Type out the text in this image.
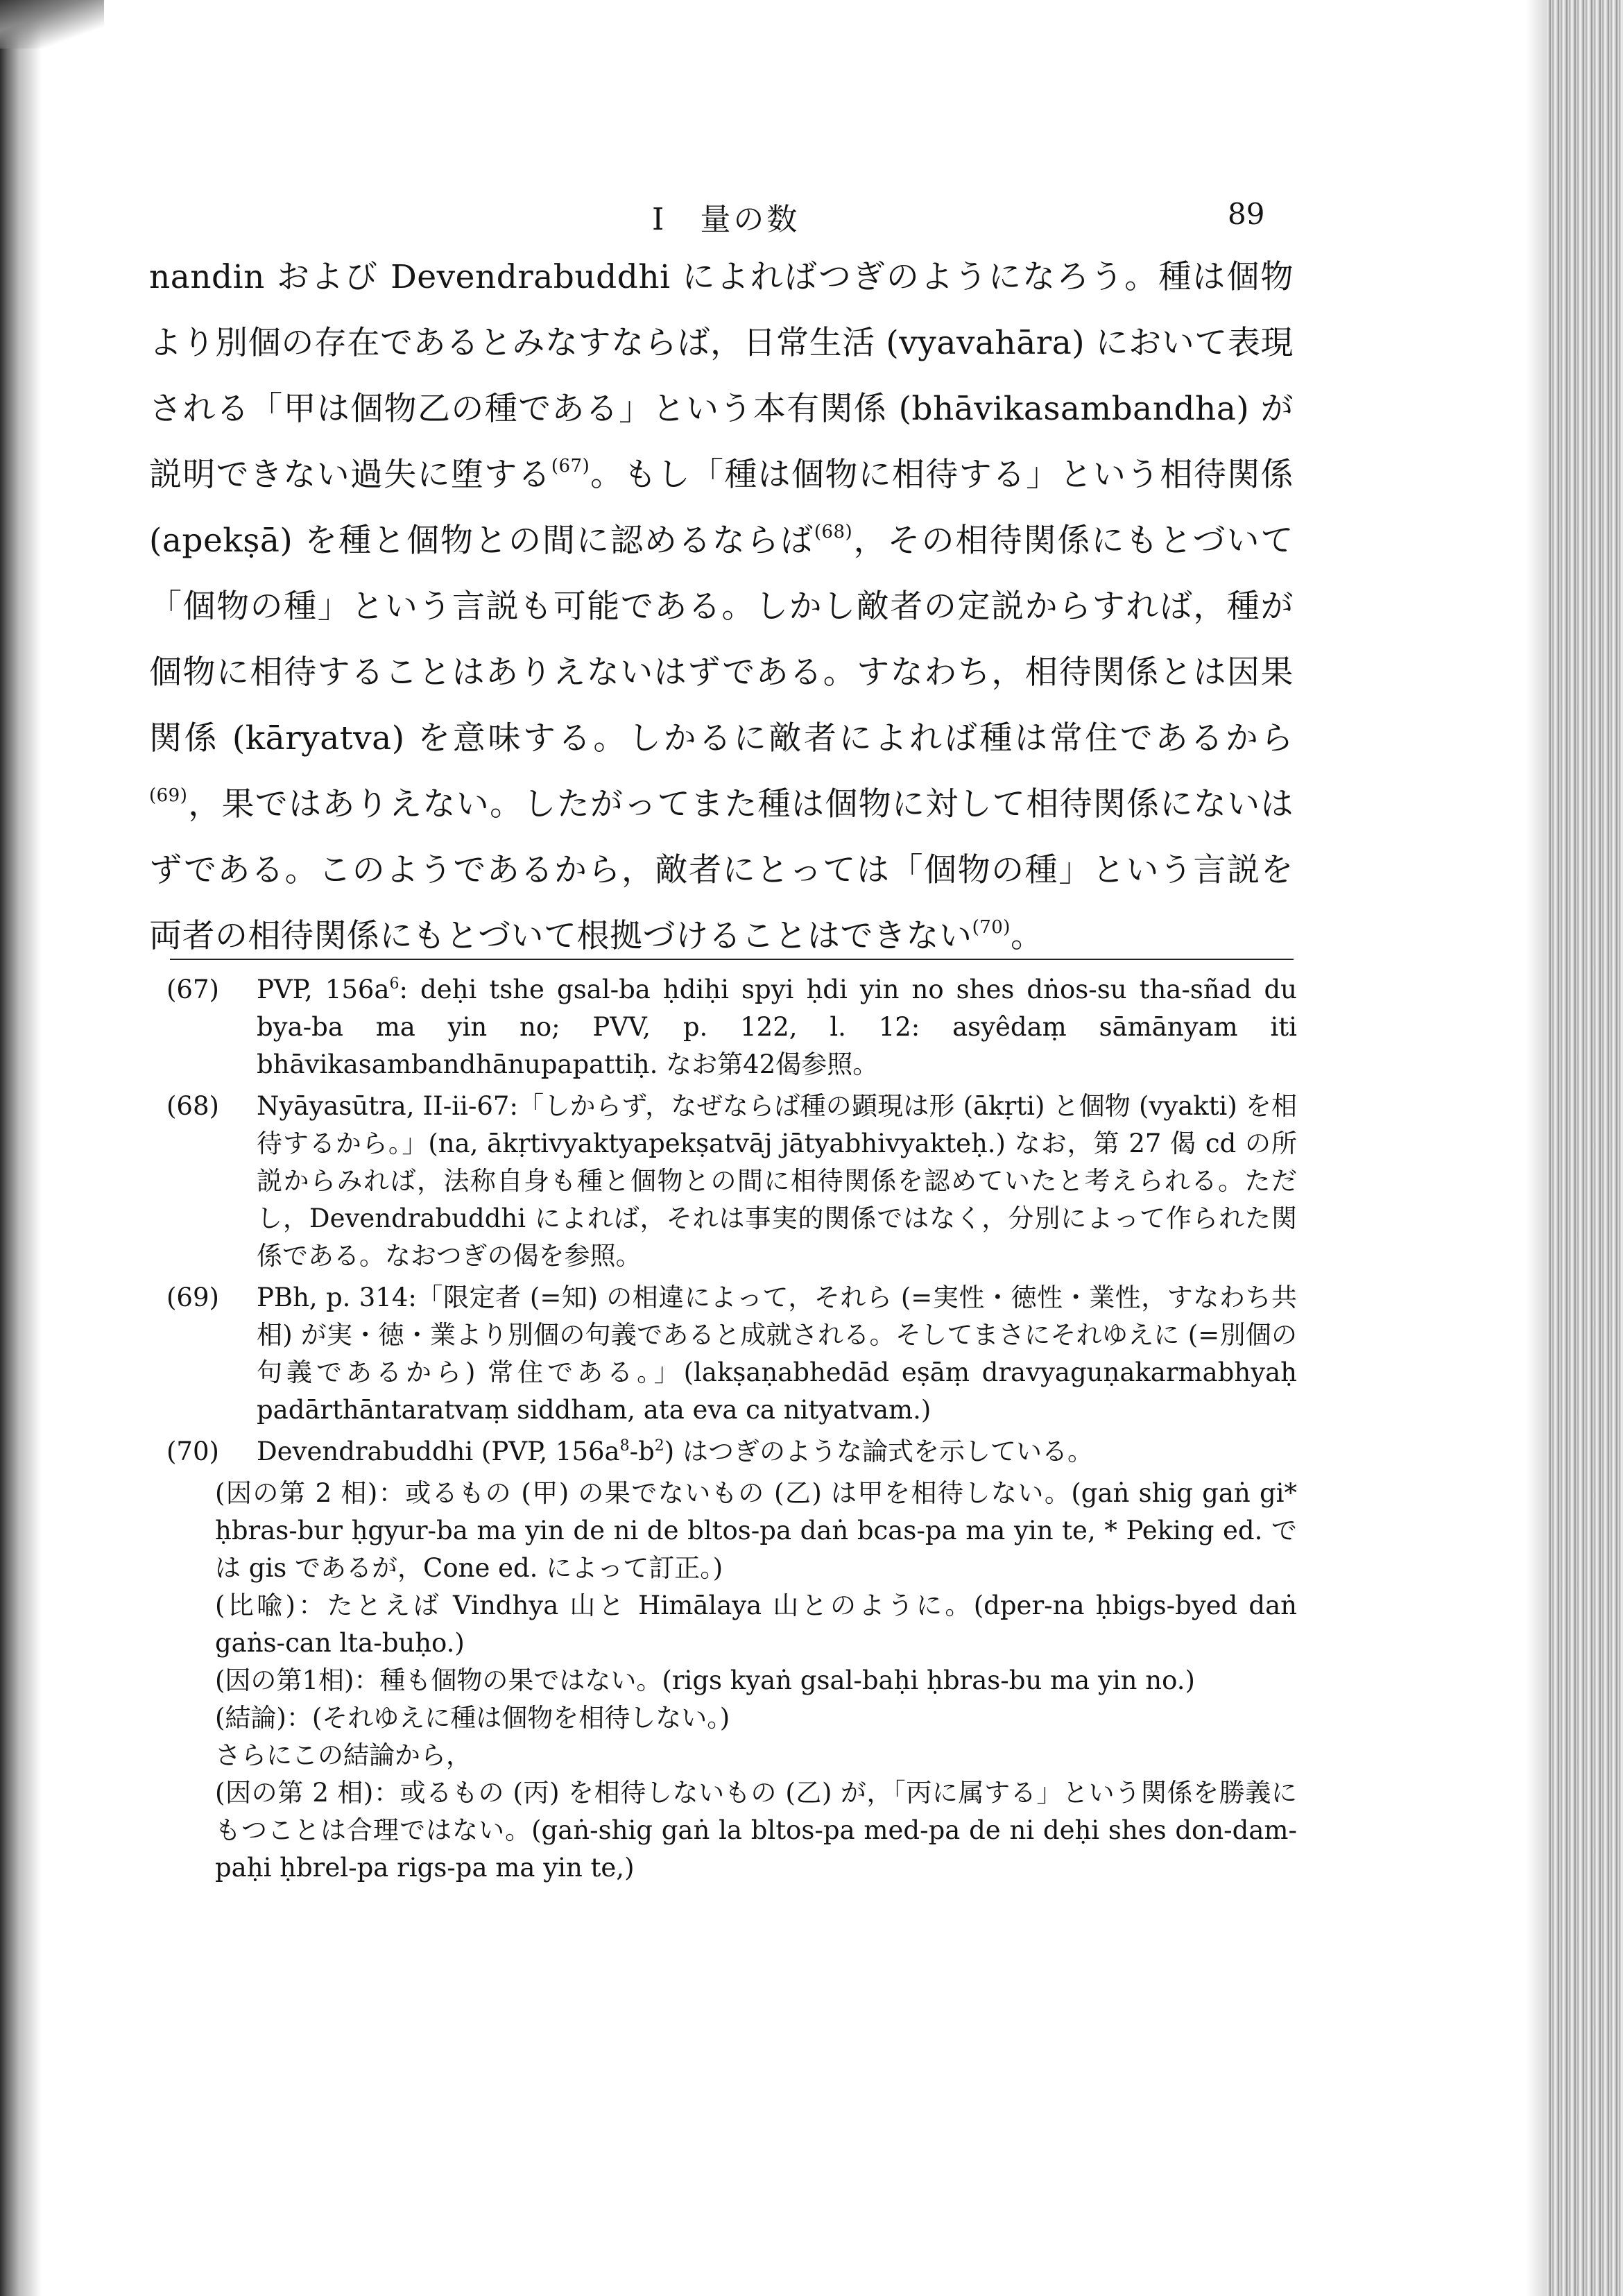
I　量の数	89

nandin および Devendrabuddhi によればつぎのようになろう。種は個物より別個の存在であるとみなすならば，日常生活 (vyavahāra) において表現される「甲は個物乙の種である」という本有関係 (bhāvikasambandha) が説明できない過失に堕する$^{(67)}$。もし「種は個物に相待する」という相待関係 (apekṣā) を種と個物との間に認めるならば$^{(68)}$，その相待関係にもとづいて「個物の種」という言説も可能である。しかし敵者の定説からすれば，種が個物に相待することはありえないはずである。すなわち，相待関係とは因果関係 (kāryatva) を意味する。しかるに敵者によれば種は常住であるから$^{(69)}$，果ではありえない。したがってまた種は個物に対して相待関係にないはずである。このようであるから，敵者にとっては「個物の種」という言説を両者の相待関係にもとづいて根拠づけることはできない$^{(70)}$。

(67) PVP, $156a^6$: deḥi tshe gsal-ba ḥdiḥi spyi ḥdi yin no shes dṅos-su tha-sñad du bya-ba ma yin no; PVV, p. 122, l. 12: asyêdaṃ sāmānyam iti bhāvikasambandhānupapattiḥ. なお第42偈参照。

(68) Nyāyasūtra, II-ii-67:「しからず，なぜならば種の顕現は形 (ākṛti) と個物 (vyakti) を相待するから。」(na, ākṛtivyaktyapekṣatvāj jātyabhivyakteḥ.) なお，第 27 偈 cd の所説からみれば，法称自身も種と個物との間に相待関係を認めていたと考えられる。ただし，Devendrabuddhi によれば，それは事実的関係ではなく，分別によって作られた関係である。なおつぎの偈を参照。

(69) PBh, p. 314:「限定者 (=知) の相違によって，それら (=実性・徳性・業性，すなわち共相) が実・徳・業より別個の句義であると成就される。そしてまさにそれゆえに (=別個の句義であるから) 常住である。」(lakṣaṇabhedād eṣāṃ dravyaguṇakarmabhyaḥ padārthāntaratvaṃ siddham, ata eva ca nityatvam.)

(70) Devendrabuddhi (PVP, $156a^8-b^2$) はつぎのような論式を示している。

(因の第 2 相)：或るもの (甲) の果でないもの (乙) は甲を相待しない。(gaṅ shig gaṅ gi* ḥbras-bur ḥgyur-ba ma yin de ni de bltos-pa daṅ bcas-pa ma yin te, * Peking ed. では gis であるが，Cone ed. によって訂正。)

(比喩)：たとえば Vindhya 山と Himālaya 山とのように。(dper-na ḥbigs-byed daṅ gaṅs-can lta-buḥo.)

(因の第1相)：種も個物の果ではない。(rigs kyaṅ gsal-baḥi ḥbras-bu ma yin no.)

(結論)：(それゆえに種は個物を相待しない。)

さらにこの結論から，

(因の第 2 相)：或るもの (丙) を相待しないもの (乙) が，「丙に属する」という関係を勝義にもつことは合理ではない。(gaṅ-shig gaṅ la bltos-pa med-pa de ni deḥi shes don-dam-paḥi ḥbrel-pa rigs-pa ma yin te,)
